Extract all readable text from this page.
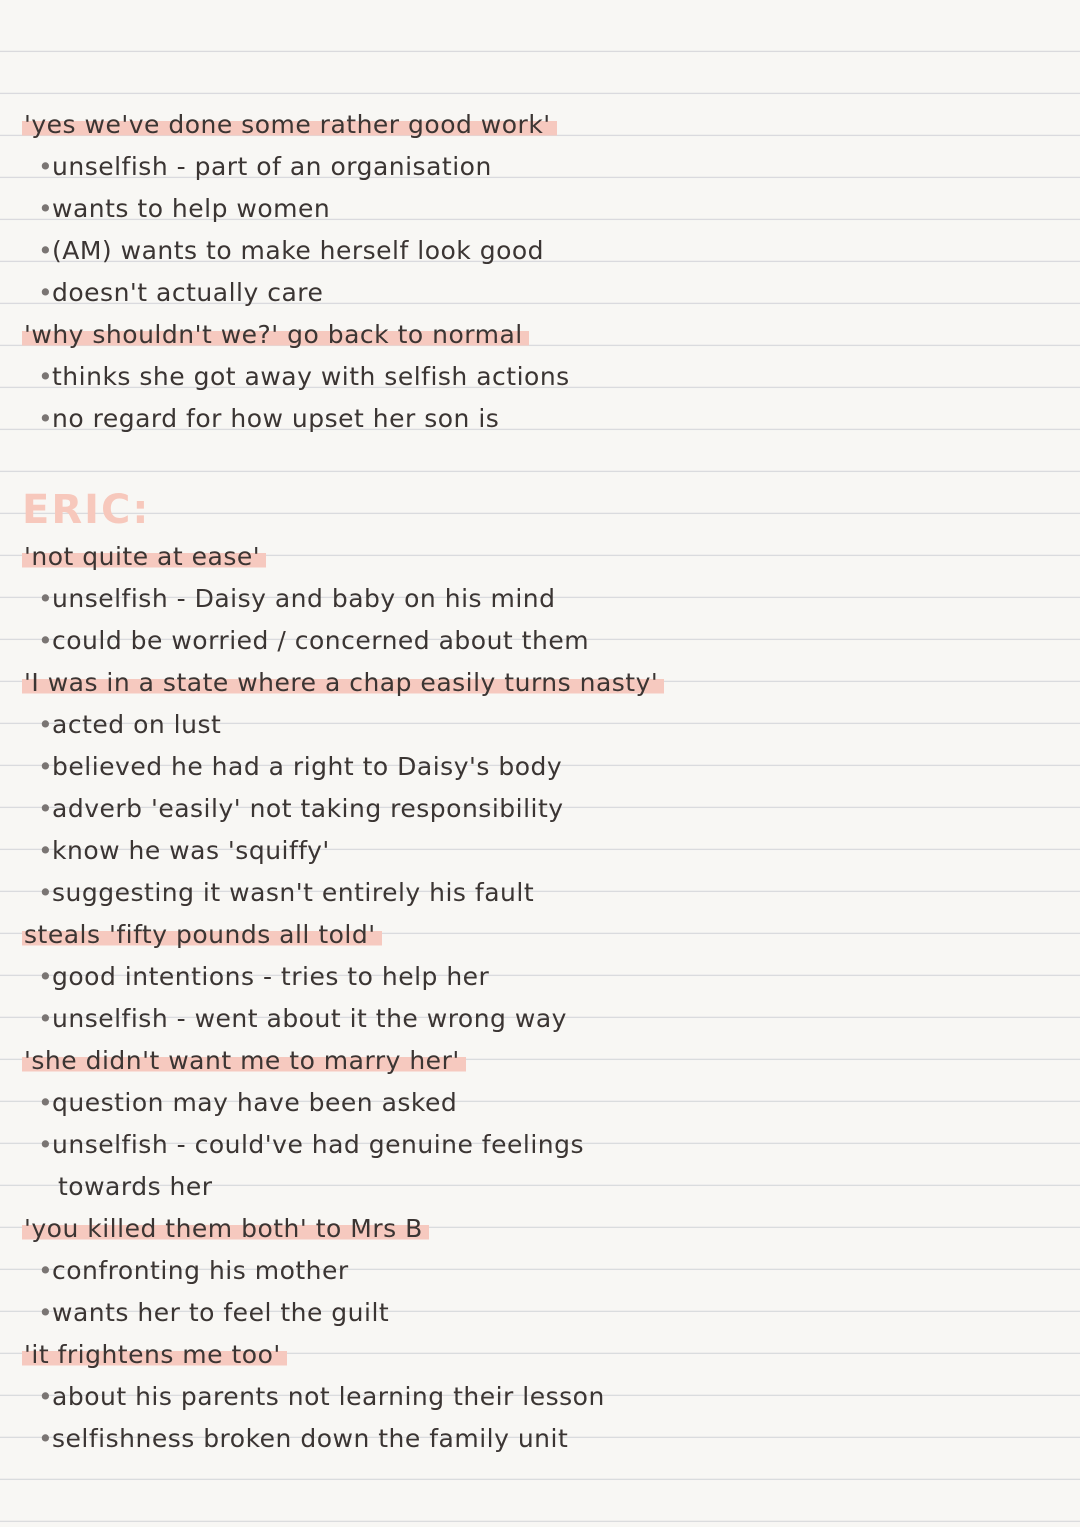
'yes we've done some rather good work'
•unselfish - part of an organisation
•wants to help women
•(AM) wants to make herself look good
•doesn't actually care
'why shouldn't we?' go back to normal
•thinks she got away with selfish actions
•no regard for how upset her son is
ERIC:
'not quite at ease'
•unselfish - Daisy and baby on his mind
•could be worried / concerned about them
'I was in a state where a chap easily turns nasty'
•acted on lust
•believed he had a right to Daisy's body
•adverb 'easily' not taking responsibility
•know he was 'squiffy'
•suggesting it wasn't entirely his fault
steals 'fifty pounds all told'
•good intentions - tries to help her
•unselfish - went about it the wrong way
'she didn't want me to marry her'
•question may have been asked
•unselfish - could've had genuine feelings
towards her
'you killed them both' to Mrs B
•confronting his mother
•wants her to feel the guilt
'it frightens me too'
•about his parents not learning their lesson
•selfishness broken down the family unit
